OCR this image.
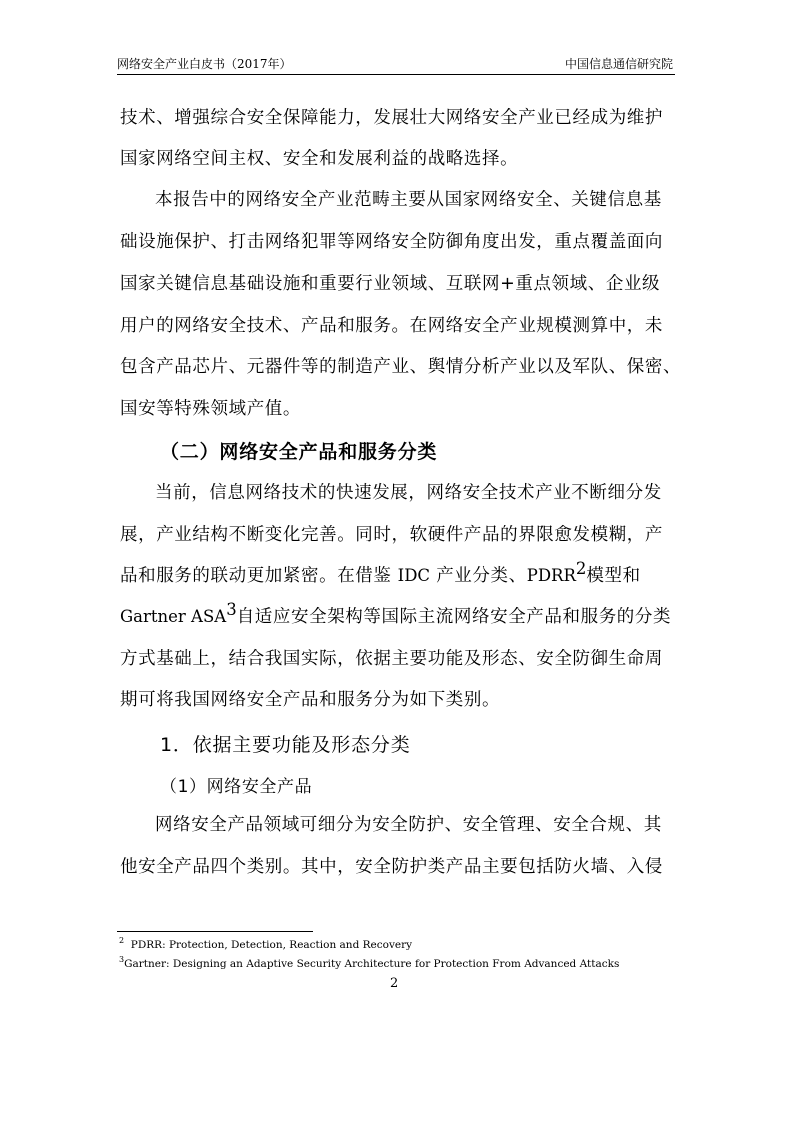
网络安全产业白皮书（2017年）	中国信息通信研究院
技术、增强综合安全保障能力，发展壮大网络安全产业已经成为维护
国家网络空间主权、安全和发展利益的战略选择。
本报告中的网络安全产业范畴主要从国家网络安全、关键信息基
础设施保护、打击网络犯罪等网络安全防御角度出发，重点覆盖面向
国家关键信息基础设施和重要行业领域、互联网+重点领域、企业级
用户的网络安全技术、产品和服务。在网络安全产业规模测算中，未
包含产品芯片、元器件等的制造产业、舆情分析产业以及军队、保密、
国安等特殊领域产值。
（二）网络安全产品和服务分类
当前，信息网络技术的快速发展，网络安全技术产业不断细分发
展，产业结构不断变化完善。同时，软硬件产品的界限愈发模糊，产
品和服务的联动更加紧密。在借鉴 IDC 产业分类、PDRR$^2$模型和
Gartner ASA$^3$自适应安全架构等国际主流网络安全产品和服务的分类
方式基础上，结合我国实际，依据主要功能及形态、安全防御生命周
期可将我国网络安全产品和服务分为如下类别。
1．依据主要功能及形态分类
（1）网络安全产品
网络安全产品领域可细分为安全防护、安全管理、安全合规、其
他安全产品四个类别。其中，安全防护类产品主要包括防火墙、入侵
$^2$ PDRR: Protection, Detection, Reaction and Recovery
$^3$Gartner: Designing an Adaptive Security Architecture for Protection From Advanced Attacks
2
